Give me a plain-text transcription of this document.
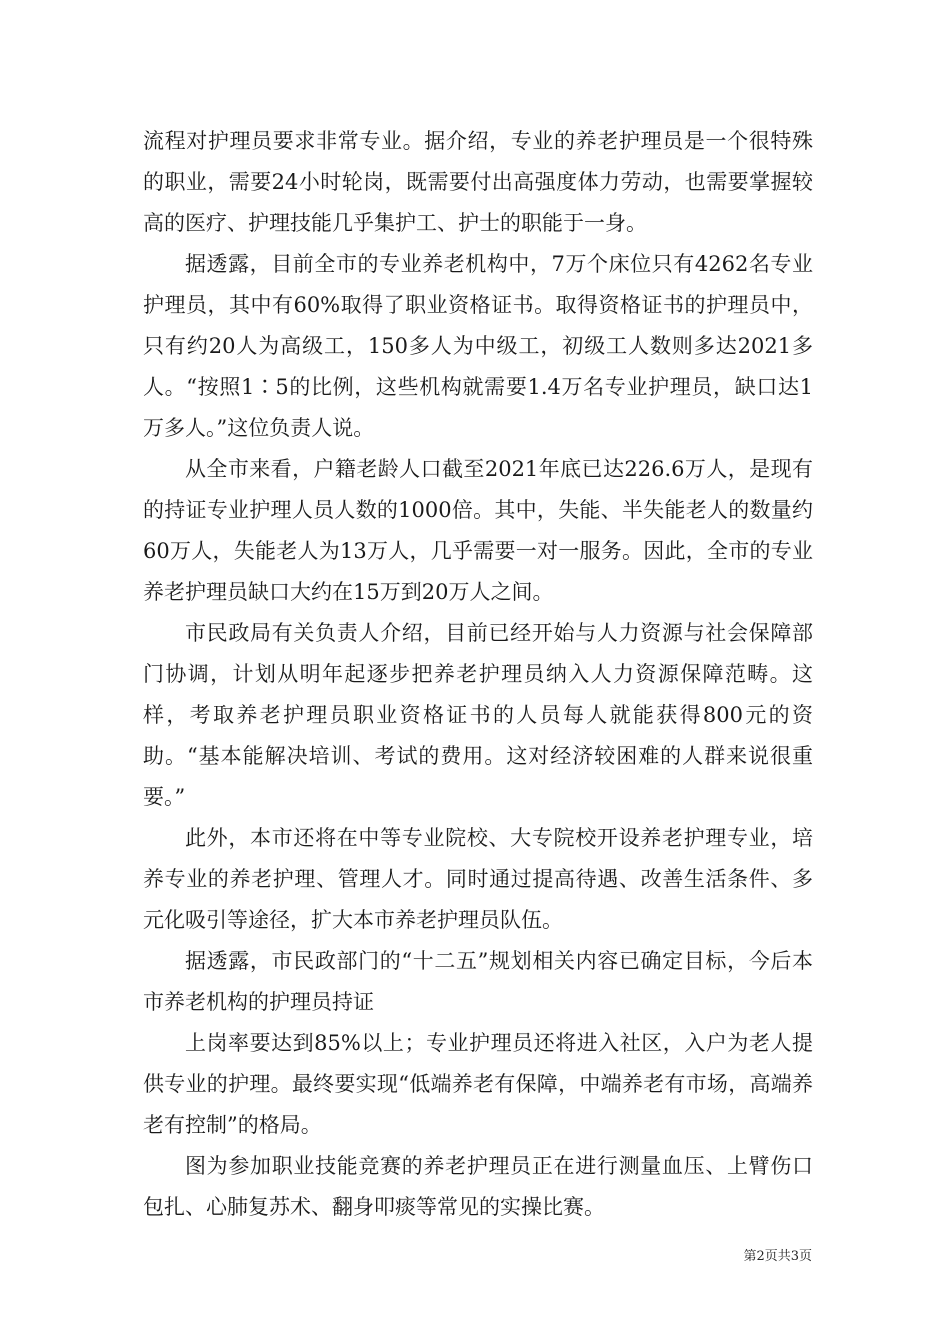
流程对护理员要求非常专业。据介绍，专业的养老护理员是一个很特殊的职业，需要24小时轮岗，既需要付出高强度体力劳动，也需要掌握较高的医疗、护理技能几乎集护工、护士的职能于一身。

据透露，目前全市的专业养老机构中，7万个床位只有4262名专业护理员，其中有60%取得了职业资格证书。取得资格证书的护理员中，只有约20人为高级工，150多人为中级工，初级工人数则多达2021多人。“按照1∶5的比例，这些机构就需要1.4万名专业护理员，缺口达1万多人。”这位负责人说。

从全市来看，户籍老龄人口截至2021年底已达226.6万人，是现有的持证专业护理人员人数的1000倍。其中，失能、半失能老人的数量约60万人，失能老人为13万人，几乎需要一对一服务。因此，全市的专业养老护理员缺口大约在15万到20万人之间。

市民政局有关负责人介绍，目前已经开始与人力资源与社会保障部门协调，计划从明年起逐步把养老护理员纳入人力资源保障范畴。这样，考取养老护理员职业资格证书的人员每人就能获得800元的资助。“基本能解决培训、考试的费用。这对经济较困难的人群来说很重要。”

此外，本市还将在中等专业院校、大专院校开设养老护理专业，培养专业的养老护理、管理人才。同时通过提高待遇、改善生活条件、多元化吸引等途径，扩大本市养老护理员队伍。

据透露，市民政部门的“十二五”规划相关内容已确定目标，今后本市养老机构的护理员持证

上岗率要达到85%以上；专业护理员还将进入社区，入户为老人提供专业的护理。最终要实现“低端养老有保障，中端养老有市场，高端养老有控制”的格局。

图为参加职业技能竞赛的养老护理员正在进行测量血压、上臂伤口包扎、心肺复苏术、翻身叩痰等常见的实操比赛。

第2页共3页
